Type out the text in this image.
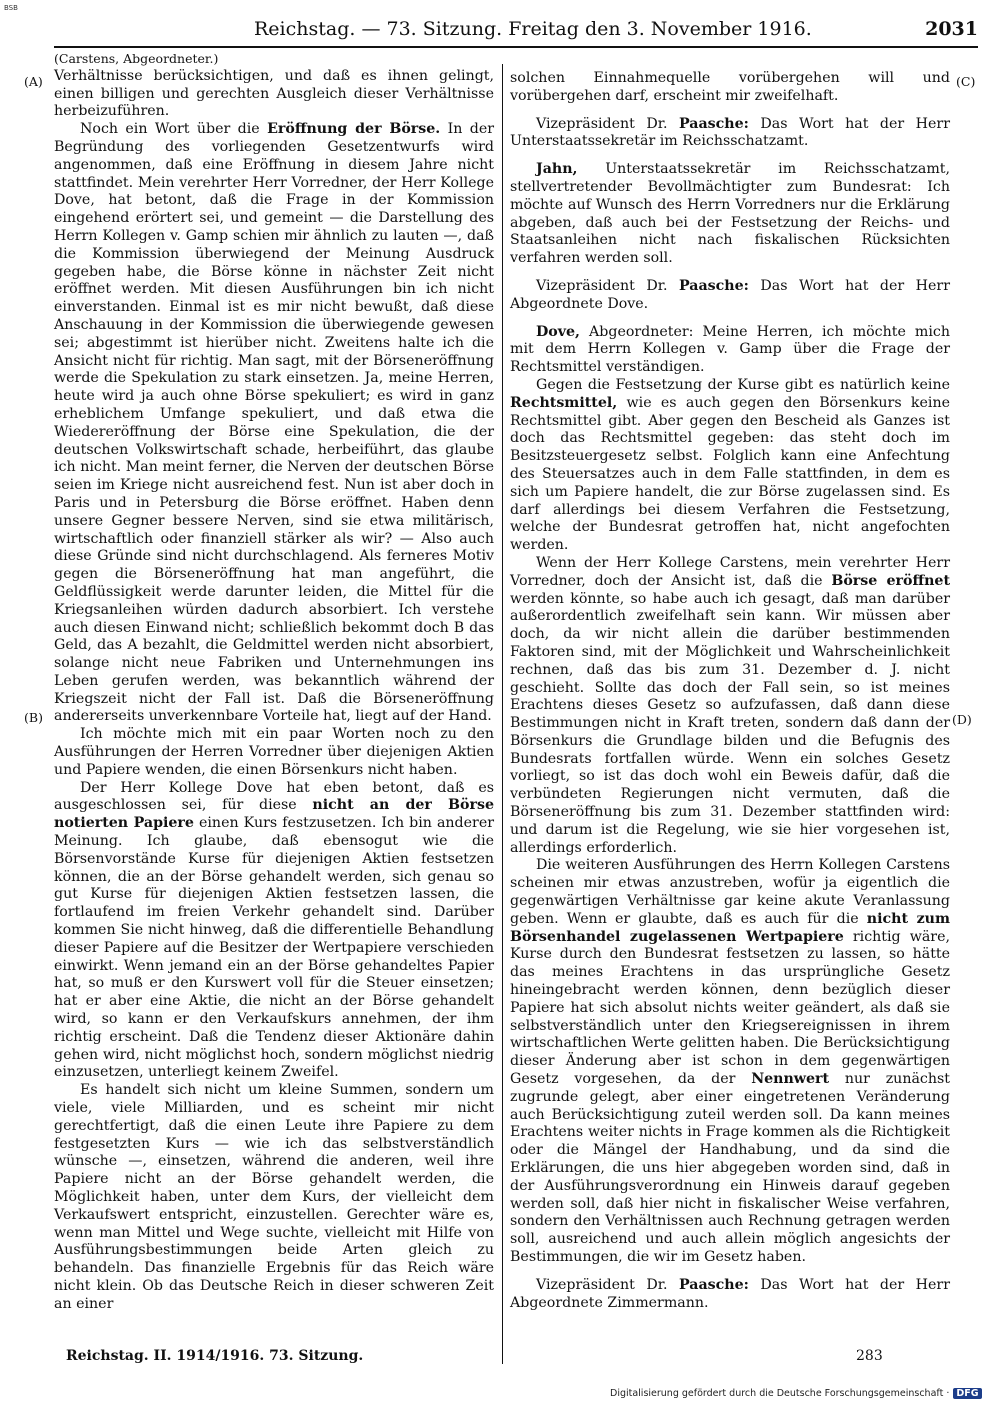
BSB
Reichstag. — 73. Sitzung. Freitag den 3. November 1916.	2031
(A)
(B)
(C)
(D)

(Carstens, Abgeordneter.)

Verhältnisse berücksichtigen, und daß es ihnen gelingt, einen billigen und gerechten Ausgleich dieser Verhältnisse herbeizuführen.

Noch ein Wort über die Eröffnung der Börse. In der Begründung des vorliegenden Gesetzentwurfs wird angenommen, daß eine Eröffnung in diesem Jahre nicht stattfindet. Mein verehrter Herr Vorredner, der Herr Kollege Dove, hat betont, daß die Frage in der Kommission eingehend erörtert sei, und gemeint — die Darstellung des Herrn Kollegen v. Gamp schien mir ähnlich zu lauten —, daß die Kommission überwiegend der Meinung Ausdruck gegeben habe, die Börse könne in nächster Zeit nicht eröffnet werden. Mit diesen Ausführungen bin ich nicht einverstanden. Einmal ist es mir nicht bewußt, daß diese Anschauung in der Kommission die überwiegende gewesen sei; abgestimmt ist hierüber nicht. Zweitens halte ich die Ansicht nicht für richtig. Man sagt, mit der Börseneröffnung werde die Spekulation zu stark einsetzen. Ja, meine Herren, heute wird ja auch ohne Börse spekuliert; es wird in ganz erheblichem Umfange spekuliert, und daß etwa die Wiedereröffnung der Börse eine Spekulation, die der deutschen Volkswirtschaft schade, herbeiführt, das glaube ich nicht. Man meint ferner, die Nerven der deutschen Börse seien im Kriege nicht ausreichend fest. Nun ist aber doch in Paris und in Petersburg die Börse eröffnet. Haben denn unsere Gegner bessere Nerven, sind sie etwa militärisch, wirtschaftlich oder finanziell stärker als wir? — Also auch diese Gründe sind nicht durchschlagend. Als ferneres Motiv gegen die Börseneröffnung hat man angeführt, die Geldflüssigkeit werde darunter leiden, die Mittel für die Kriegsanleihen würden dadurch absorbiert. Ich verstehe auch diesen Einwand nicht; schließlich bekommt doch B das Geld, das A bezahlt, die Geldmittel werden nicht absorbiert, solange nicht neue Fabriken und Unternehmungen ins Leben gerufen werden, was bekanntlich während der Kriegszeit nicht der Fall ist. Daß die Börseneröffnung andererseits unverkennbare Vorteile hat, liegt auf der Hand.

Ich möchte mich mit ein paar Worten noch zu den Ausführungen der Herren Vorredner über diejenigen Aktien und Papiere wenden, die einen Börsenkurs nicht haben.

Der Herr Kollege Dove hat eben betont, daß es ausgeschlossen sei, für diese nicht an der Börse notierten Papiere einen Kurs festzusetzen. Ich bin anderer Meinung. Ich glaube, daß ebensogut wie die Börsenvorstände Kurse für diejenigen Aktien festsetzen können, die an der Börse gehandelt werden, sich genau so gut Kurse für diejenigen Aktien festsetzen lassen, die fortlaufend im freien Verkehr gehandelt sind. Darüber kommen Sie nicht hinweg, daß die differentielle Behandlung dieser Papiere auf die Besitzer der Wertpapiere verschieden einwirkt. Wenn jemand ein an der Börse gehandeltes Papier hat, so muß er den Kurswert voll für die Steuer einsetzen; hat er aber eine Aktie, die nicht an der Börse gehandelt wird, so kann er den Verkaufskurs annehmen, der ihm richtig erscheint. Daß die Tendenz dieser Aktionäre dahin gehen wird, nicht möglichst hoch, sondern möglichst niedrig einzusetzen, unterliegt keinem Zweifel.

Es handelt sich nicht um kleine Summen, sondern um viele, viele Milliarden, und es scheint mir nicht gerechtfertigt, daß die einen Leute ihre Papiere zu dem festgesetzten Kurs — wie ich das selbstverständlich wünsche —, einsetzen, während die anderen, weil ihre Papiere nicht an der Börse gehandelt werden, die Möglichkeit haben, unter dem Kurs, der vielleicht dem Verkaufswert entspricht, einzustellen. Gerechter wäre es, wenn man Mittel und Wege suchte, vielleicht mit Hilfe von Ausführungsbestimmungen beide Arten gleich zu behandeln. Das finanzielle Ergebnis für das Reich wäre nicht klein. Ob das Deutsche Reich in dieser schweren Zeit an einer

solchen Einnahmequelle vorübergehen will und vorübergehen darf, erscheint mir zweifelhaft.

Vizepräsident Dr. Paasche: Das Wort hat der Herr Unterstaatssekretär im Reichsschatzamt.

Jahn, Unterstaatssekretär im Reichsschatzamt, stellvertretender Bevollmächtigter zum Bundesrat: Ich möchte auf Wunsch des Herrn Vorredners nur die Erklärung abgeben, daß auch bei der Festsetzung der Reichs- und Staatsanleihen nicht nach fiskalischen Rücksichten verfahren werden soll.

Vizepräsident Dr. Paasche: Das Wort hat der Herr Abgeordnete Dove.

Dove, Abgeordneter: Meine Herren, ich möchte mich mit dem Herrn Kollegen v. Gamp über die Frage der Rechtsmittel verständigen.

Gegen die Festsetzung der Kurse gibt es natürlich keine Rechtsmittel, wie es auch gegen den Börsenkurs keine Rechtsmittel gibt. Aber gegen den Bescheid als Ganzes ist doch das Rechtsmittel gegeben: das steht doch im Besitzsteuergesetz selbst. Folglich kann eine Anfechtung des Steuersatzes auch in dem Falle stattfinden, in dem es sich um Papiere handelt, die zur Börse zugelassen sind. Es darf allerdings bei diesem Verfahren die Festsetzung, welche der Bundesrat getroffen hat, nicht angefochten werden.

Wenn der Herr Kollege Carstens, mein verehrter Herr Vorredner, doch der Ansicht ist, daß die Börse eröffnet werden könnte, so habe auch ich gesagt, daß man darüber außerordentlich zweifelhaft sein kann. Wir müssen aber doch, da wir nicht allein die darüber bestimmenden Faktoren sind, mit der Möglichkeit und Wahrscheinlichkeit rechnen, daß das bis zum 31. Dezember d. J. nicht geschieht. Sollte das doch der Fall sein, so ist meines Erachtens dieses Gesetz so aufzufassen, daß dann diese Bestimmungen nicht in Kraft treten, sondern daß dann der Börsenkurs die Grundlage bilden und die Befugnis des Bundesrats fortfallen würde. Wenn ein solches Gesetz vorliegt, so ist das doch wohl ein Beweis dafür, daß die verbündeten Regierungen nicht vermuten, daß die Börseneröffnung bis zum 31. Dezember stattfinden wird: und darum ist die Regelung, wie sie hier vorgesehen ist, allerdings erforderlich.

Die weiteren Ausführungen des Herrn Kollegen Carstens scheinen mir etwas anzustreben, wofür ja eigentlich die gegenwärtigen Verhältnisse gar keine akute Veranlassung geben. Wenn er glaubte, daß es auch für die nicht zum Börsenhandel zugelassenen Wertpapiere richtig wäre, Kurse durch den Bundesrat festsetzen zu lassen, so hätte das meines Erachtens in das ursprüngliche Gesetz hineingebracht werden können, denn bezüglich dieser Papiere hat sich absolut nichts weiter geändert, als daß sie selbstverständlich unter den Kriegsereignissen in ihrem wirtschaftlichen Werte gelitten haben. Die Berücksichtigung dieser Änderung aber ist schon in dem gegenwärtigen Gesetz vorgesehen, da der Nennwert nur zunächst zugrunde gelegt, aber einer eingetretenen Veränderung auch Berücksichtigung zuteil werden soll. Da kann meines Erachtens weiter nichts in Frage kommen als die Richtigkeit oder die Mängel der Handhabung, und da sind die Erklärungen, die uns hier abgegeben worden sind, daß in der Ausführungsverordnung ein Hinweis darauf gegeben werden soll, daß hier nicht in fiskalischer Weise verfahren, sondern den Verhältnissen auch Rechnung getragen werden soll, ausreichend und auch allein möglich angesichts der Bestimmungen, die wir im Gesetz haben.

Vizepräsident Dr. Paasche: Das Wort hat der Herr Abgeordnete Zimmermann.

Reichstag. II. 1914/1916. 73. Sitzung.	283
Digitalisierung gefördert durch die Deutsche Forschungsgemeinschaft · DFG
